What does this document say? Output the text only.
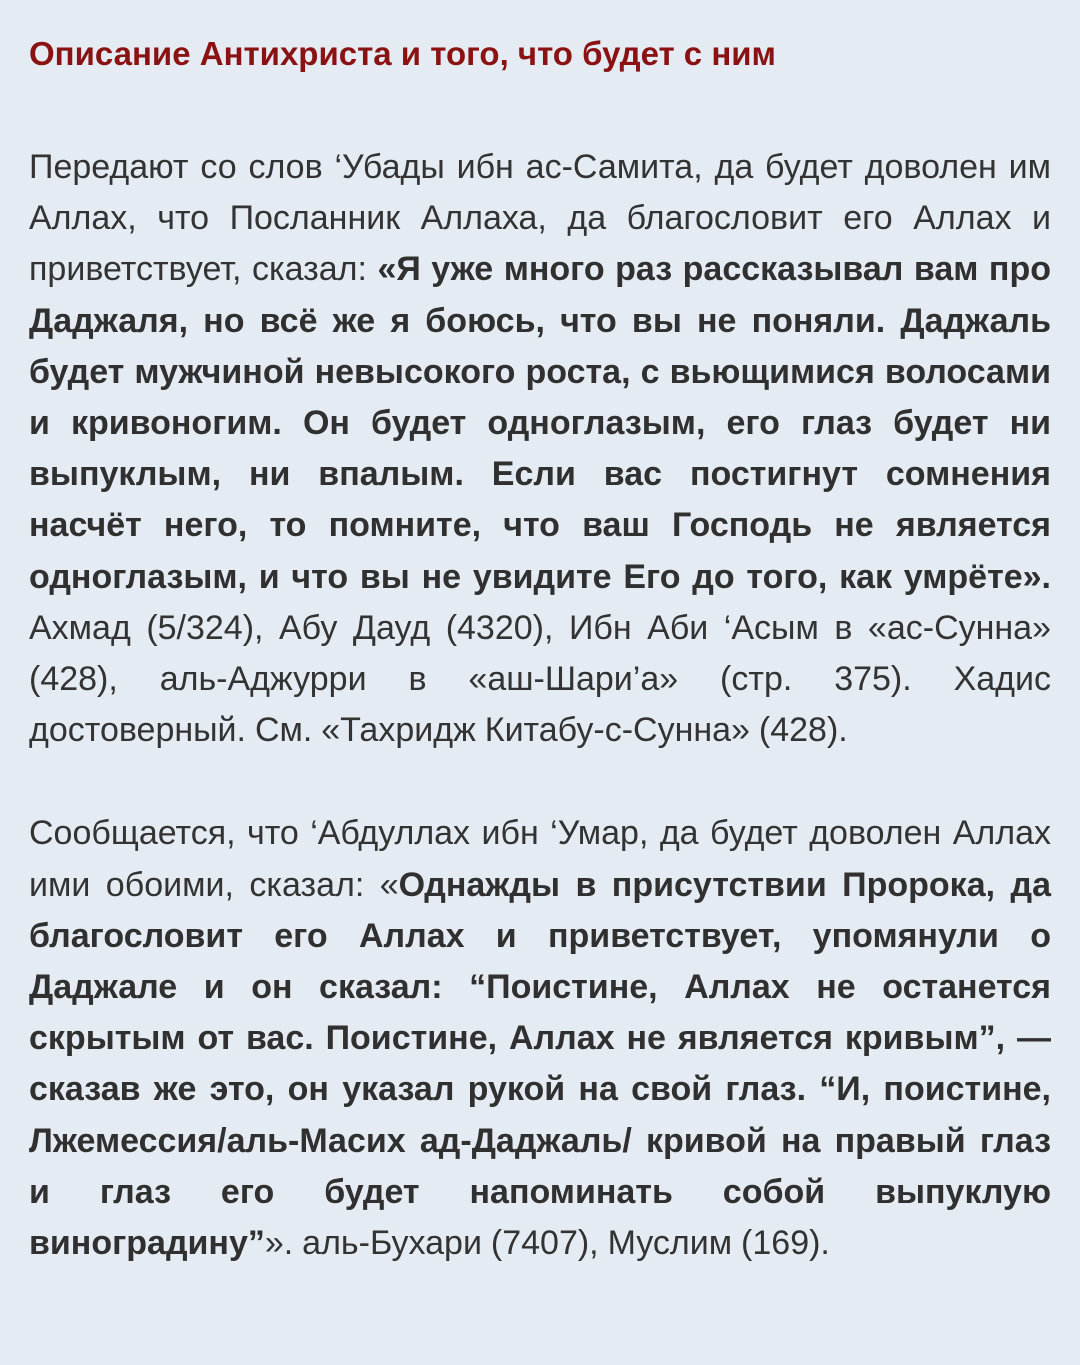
Описание Антихриста и того, что будет с ним

Передают со слов ‘Убады ибн ас-Самита, да будет доволен им Аллах, что Посланник Аллаха, да благословит его Аллах и приветствует, сказал: «Я уже много раз рассказывал вам про Даджаля, но всё же я боюсь, что вы не поняли. Даджаль будет мужчиной невысокого роста, с вьющимися волосами и кривоногим. Он будет одноглазым, его глаз будет ни выпуклым, ни впалым. Если вас постигнут сомнения насчёт него, то помните, что ваш Господь не является одноглазым, и что вы не увидите Его до того, как умрёте». Ахмад (5/324), Абу Дауд (4320), Ибн Аби ‘Асым в «ас-Сунна» (428), аль-Аджурри в «аш-Шари’а» (стр. 375). Хадис достоверный. См. «Тахридж Китабу-с-Сунна» (428).

Сообщается, что ‘Абдуллах ибн ‘Умар, да будет доволен Аллах ими обоими, сказал: «Однажды в присутствии Пророка, да благословит его Аллах и приветствует, упомянули о Даджале и он сказал: “Поистине, Аллах не останется скрытым от вас. Поистине, Аллах не является кривым”, — сказав же это, он указал рукой на свой глаз. “И, поистине, Лжемессия/аль-Масих ад-Даджаль/ кривой на правый глаз и глаз его будет напоминать собой выпуклую виноградину”». аль-Бухари (7407), Муслим (169).
